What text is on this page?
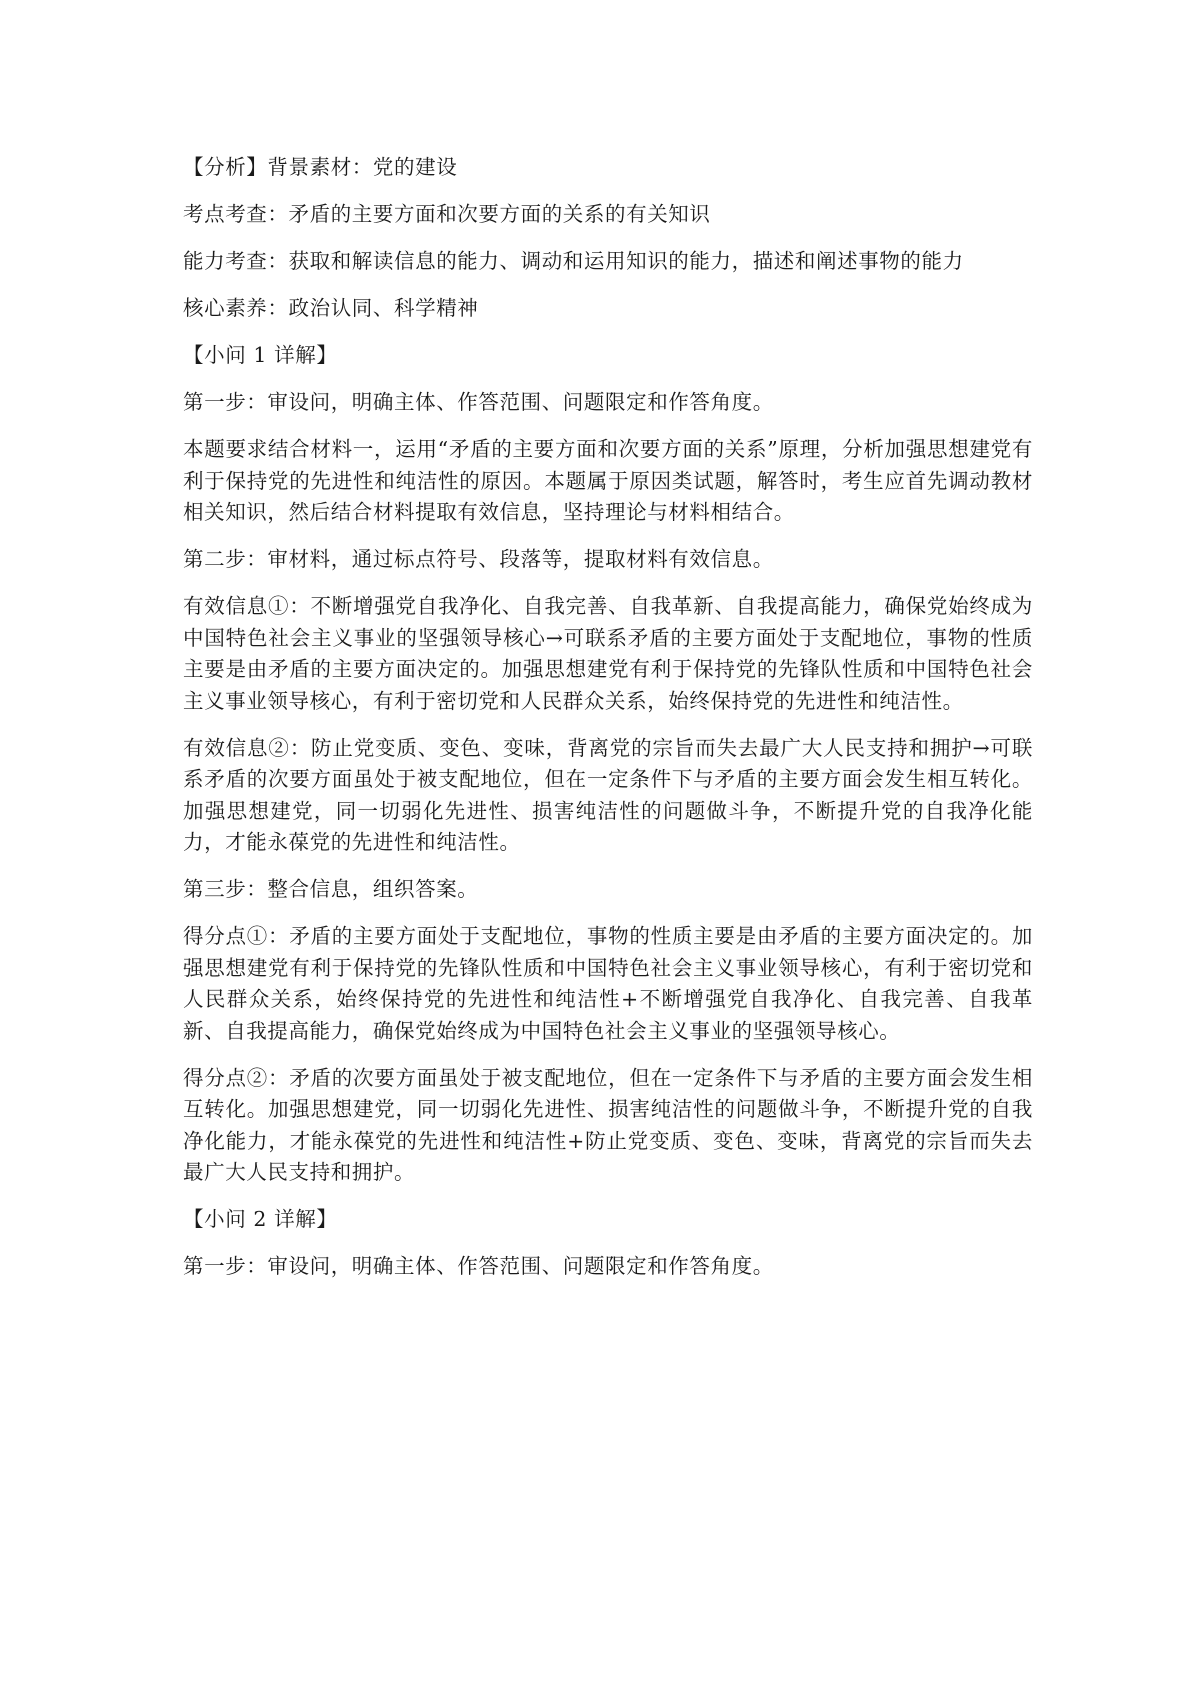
【分析】背景素材：党的建设

考点考查：矛盾的主要方面和次要方面的关系的有关知识

能力考查：获取和解读信息的能力、调动和运用知识的能力，描述和阐述事物的能力

核心素养：政治认同、科学精神

【小问 1 详解】

第一步：审设问，明确主体、作答范围、问题限定和作答角度。

本题要求结合材料一，运用“矛盾的主要方面和次要方面的关系”原理，分析加强思想建党有利于保持党的先进性和纯洁性的原因。本题属于原因类试题，解答时，考生应首先调动教材相关知识，然后结合材料提取有效信息，坚持理论与材料相结合。

第二步：审材料，通过标点符号、段落等，提取材料有效信息。

有效信息①：不断增强党自我净化、自我完善、自我革新、自我提高能力，确保党始终成为中国特色社会主义事业的坚强领导核心→可联系矛盾的主要方面处于支配地位，事物的性质主要是由矛盾的主要方面决定的。加强思想建党有利于保持党的先锋队性质和中国特色社会主义事业领导核心，有利于密切党和人民群众关系，始终保持党的先进性和纯洁性。

有效信息②：防止党变质、变色、变味，背离党的宗旨而失去最广大人民支持和拥护→可联系矛盾的次要方面虽处于被支配地位，但在一定条件下与矛盾的主要方面会发生相互转化。加强思想建党，同一切弱化先进性、损害纯洁性的问题做斗争，不断提升党的自我净化能力，才能永葆党的先进性和纯洁性。

第三步：整合信息，组织答案。

得分点①：矛盾的主要方面处于支配地位，事物的性质主要是由矛盾的主要方面决定的。加强思想建党有利于保持党的先锋队性质和中国特色社会主义事业领导核心，有利于密切党和人民群众关系，始终保持党的先进性和纯洁性+不断增强党自我净化、自我完善、自我革新、自我提高能力，确保党始终成为中国特色社会主义事业的坚强领导核心。

得分点②：矛盾的次要方面虽处于被支配地位，但在一定条件下与矛盾的主要方面会发生相互转化。加强思想建党，同一切弱化先进性、损害纯洁性的问题做斗争，不断提升党的自我净化能力，才能永葆党的先进性和纯洁性+防止党变质、变色、变味，背离党的宗旨而失去最广大人民支持和拥护。

【小问 2 详解】

第一步：审设问，明确主体、作答范围、问题限定和作答角度。
